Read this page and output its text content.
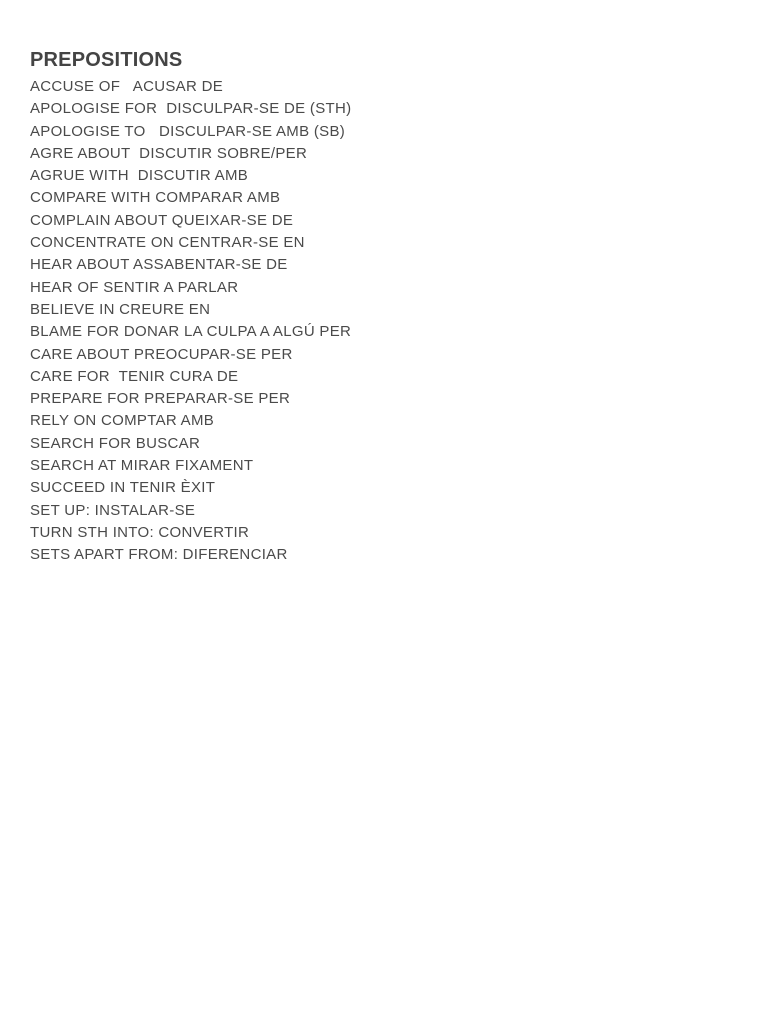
PREPOSITIONS
ACCUSE OF   ACUSAR DE
APOLOGISE FOR  DISCULPAR-SE DE (STH)
APOLOGISE TO   DISCULPAR-SE AMB (SB)
AGRE ABOUT  DISCUTIR SOBRE/PER
AGRUE WITH  DISCUTIR AMB
COMPARE WITH COMPARAR AMB
COMPLAIN ABOUT QUEIXAR-SE DE
CONCENTRATE ON CENTRAR-SE EN
HEAR ABOUT ASSABENTAR-SE DE
HEAR OF SENTIR A PARLAR
BELIEVE IN CREURE EN
BLAME FOR DONAR LA CULPA A ALGÚ PER
CARE ABOUT PREOCUPAR-SE PER
CARE FOR  TENIR CURA DE
PREPARE FOR PREPARAR-SE PER
RELY ON COMPTAR AMB
SEARCH FOR BUSCAR
SEARCH AT MIRAR FIXAMENT
SUCCEED IN TENIR ÈXIT
SET UP: INSTALAR-SE
TURN STH INTO: CONVERTIR
SETS APART FROM: DIFERENCIAR
